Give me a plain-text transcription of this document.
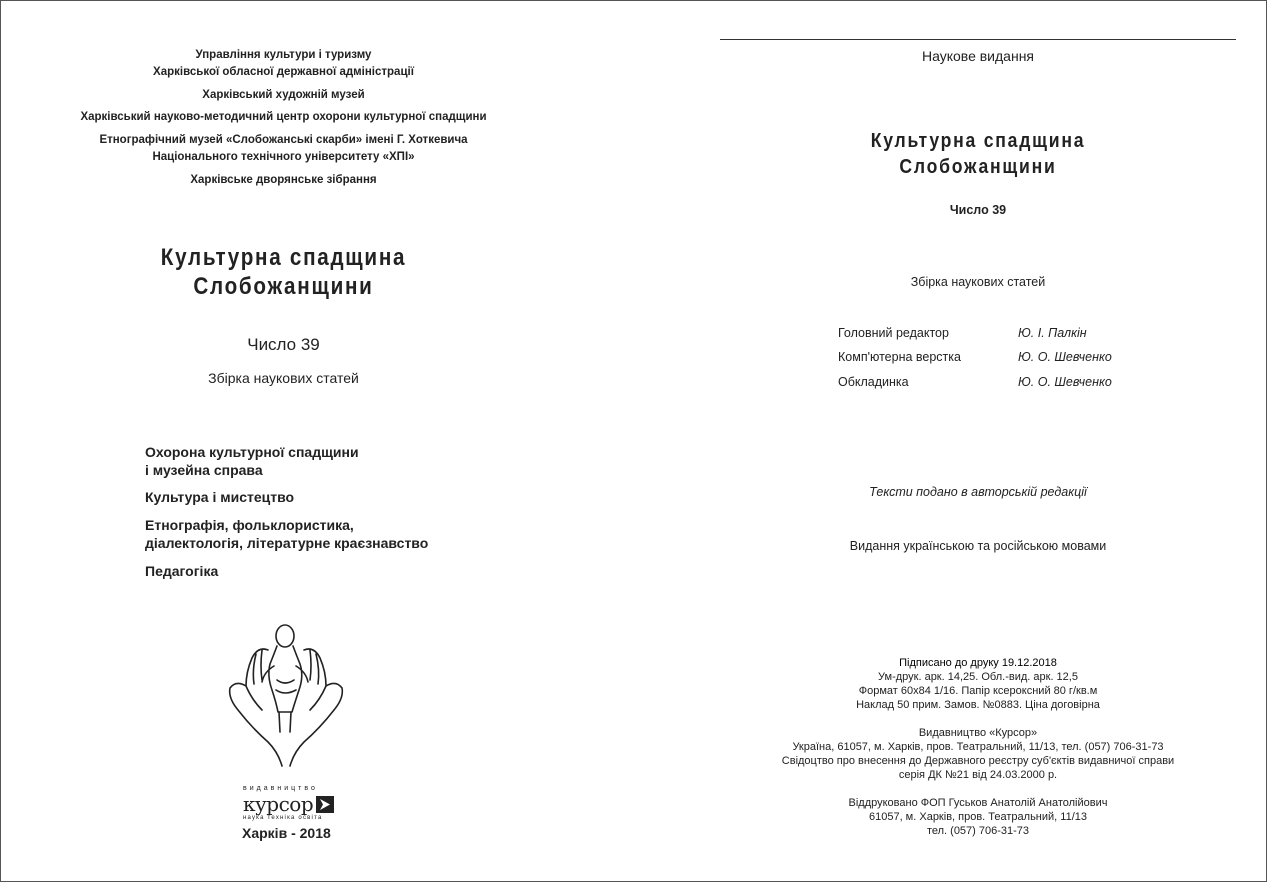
Управління культури і туризму
Харківської обласної державної адміністрації
Харківський художній музей
Харківський науково-методичний центр охорони культурної спадщини
Етнографічний музей «Слобожанські скарби» імені Г. Хоткевича
Національного технічного університету «ХПІ»
Харківське дворянське зібрання
Культурна спадщина
Слобожанщини
Число 39
Збірка наукових статей
Охорона культурної спадщини
і музейна справа
Культура і мистецтво
Етнографія, фольклористика,
діалектологія, літературне краєзнавство
Педагогіка
видавництво
курсор
наука техніка освіта
Харків - 2018
Наукове видання
Культурна спадщина
Слобожанщини
Число 39
Збірка наукових статей
Головний редактор	Ю. І. Палкін
Комп'ютерна верстка	Ю. О. Шевченко
Обкладинка	Ю. О. Шевченко
Тексти подано в авторській редакції
Видання українською та російською мовами
Підписано до друку 19.12.2018
Ум-друк. арк. 14,25. Обл.-вид. арк. 12,5
Формат 60х84 1/16. Папір ксероксний 80 г/кв.м
Наклад 50 прим. Замов. №0883. Ціна договірна
Видавництво «Курсор»
Україна, 61057, м. Харків, пров. Театральний, 11/13, тел. (057) 706-31-73
Свідоцтво про внесення до Державного реєстру суб'єктів видавничої справи
серія ДК №21 від 24.03.2000 р.
Віддруковано ФОП Гуськов Анатолій Анатолійович
61057, м. Харків, пров. Театральний, 11/13
тел. (057) 706-31-73
